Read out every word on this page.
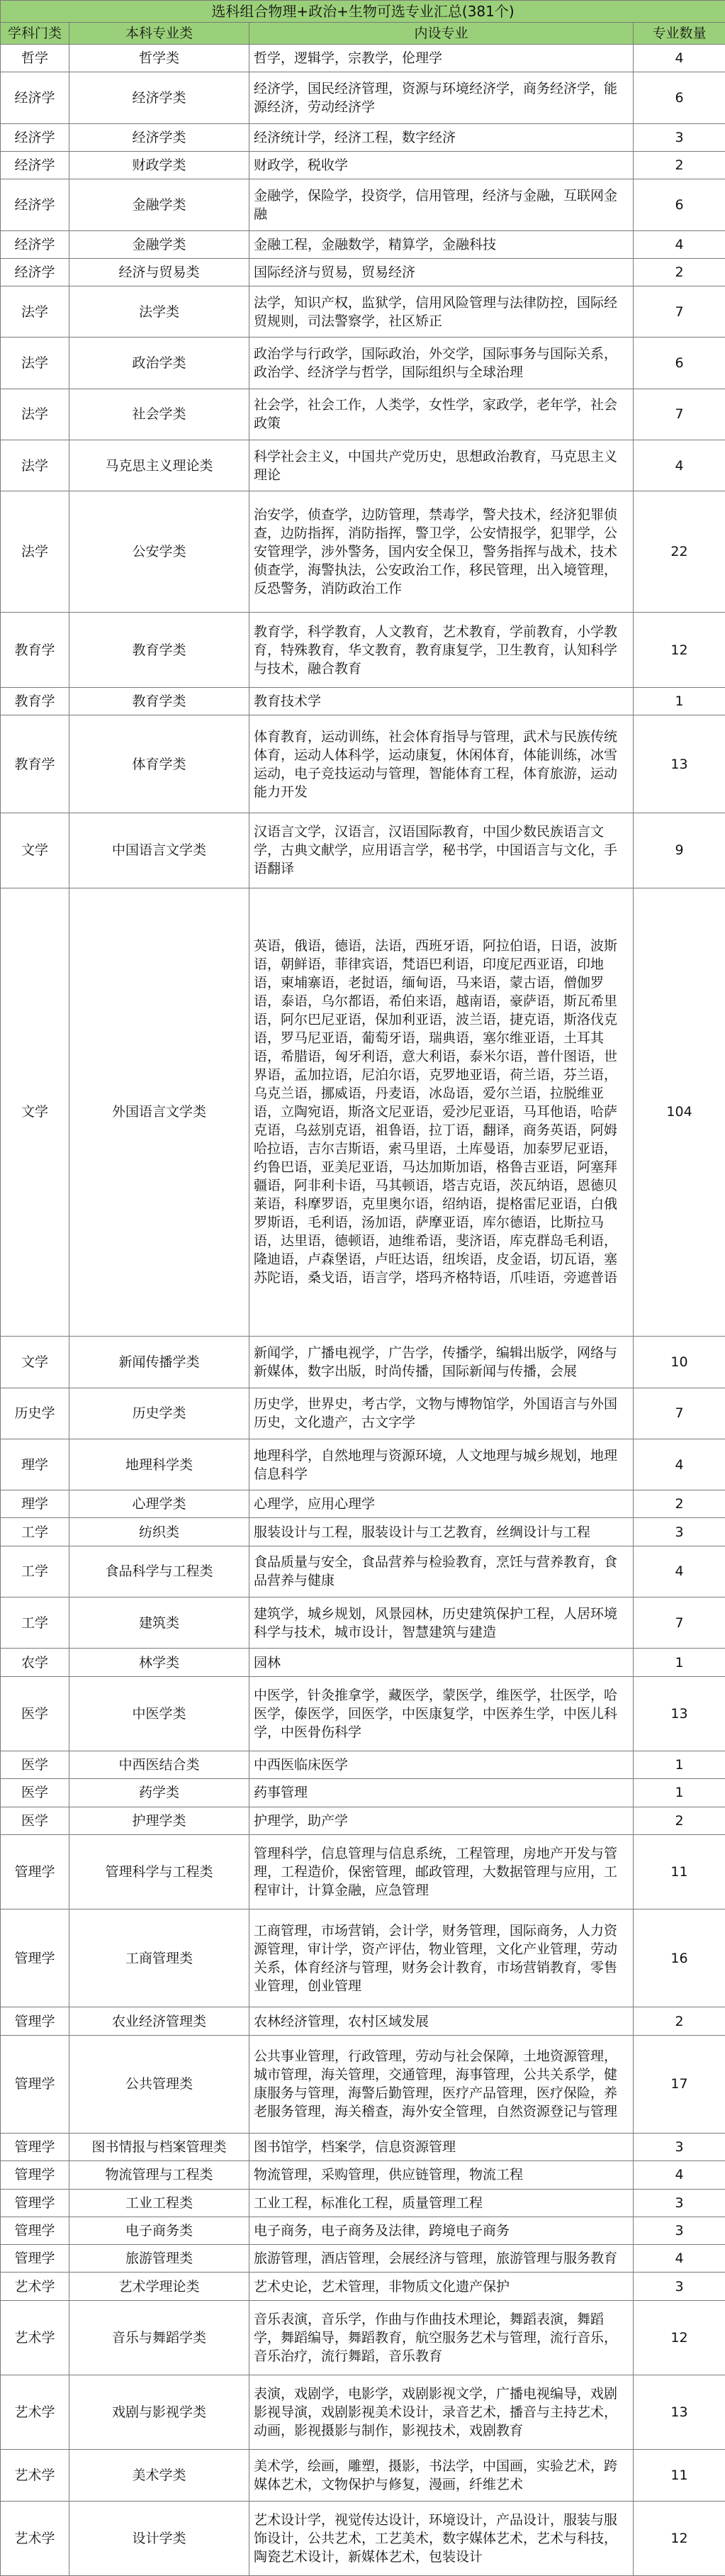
选科组合物理+政治+生物可选专业汇总(381个)			
学科门类	本科专业类	内设专业	专业数量
哲学	哲学类	哲学，逻辑学，宗教学，伦理学	4
经济学	经济学类	经济学，国民经济管理，资源与环境经济学，商务经济学，能源经济，劳动经济学	6
经济学	经济学类	经济统计学，经济工程，数字经济	3
经济学	财政学类	财政学，税收学	2
经济学	金融学类	金融学，保险学，投资学，信用管理，经济与金融，互联网金融	6
经济学	金融学类	金融工程，金融数学，精算学，金融科技	4
经济学	经济与贸易类	国际经济与贸易，贸易经济	2
法学	法学类	法学，知识产权，监狱学，信用风险管理与法律防控，国际经贸规则，司法警察学，社区矫正	7
法学	政治学类	政治学与行政学，国际政治，外交学，国际事务与国际关系，政治学、经济学与哲学，国际组织与全球治理	6
法学	社会学类	社会学，社会工作，人类学，女性学，家政学，老年学，社会政策	7
法学	马克思主义理论类	科学社会主义，中国共产党历史，思想政治教育，马克思主义理论	4
法学	公安学类	治安学，侦查学，边防管理，禁毒学，警犬技术，经济犯罪侦查，边防指挥，消防指挥，警卫学，公安情报学，犯罪学，公安管理学，涉外警务，国内安全保卫，警务指挥与战术，技术侦查学，海警执法，公安政治工作，移民管理，出入境管理，反恐警务，消防政治工作	22
教育学	教育学类	教育学，科学教育，人文教育，艺术教育，学前教育，小学教育，特殊教育，华文教育，教育康复学，卫生教育，认知科学与技术，融合教育	12
教育学	教育学类	教育技术学	1
教育学	体育学类	体育教育，运动训练，社会体育指导与管理，武术与民族传统体育，运动人体科学，运动康复，休闲体育，体能训练，冰雪运动，电子竞技运动与管理，智能体育工程，体育旅游，运动能力开发	13
文学	中国语言文学类	汉语言文学，汉语言，汉语国际教育，中国少数民族语言文学，古典文献学，应用语言学，秘书学，中国语言与文化，手语翻译	9
文学	外国语言文学类	英语，俄语，德语，法语，西班牙语，阿拉伯语，日语，波斯语，朝鲜语，菲律宾语，梵语巴利语，印度尼西亚语，印地语，柬埔寨语，老挝语，缅甸语，马来语，蒙古语，僧伽罗语，泰语，乌尔都语，希伯来语，越南语，豪萨语，斯瓦希里语，阿尔巴尼亚语，保加利亚语，波兰语，捷克语，斯洛伐克语，罗马尼亚语，葡萄牙语，瑞典语，塞尔维亚语，土耳其语，希腊语，匈牙利语，意大利语，泰米尔语，普什图语，世界语，孟加拉语，尼泊尔语，克罗地亚语，荷兰语，芬兰语，乌克兰语，挪威语，丹麦语，冰岛语，爱尔兰语，拉脱维亚语，立陶宛语，斯洛文尼亚语，爱沙尼亚语，马耳他语，哈萨克语，乌兹别克语，祖鲁语，拉丁语，翻译，商务英语，阿姆哈拉语，吉尔吉斯语，索马里语，土库曼语，加泰罗尼亚语，约鲁巴语，亚美尼亚语，马达加斯加语，格鲁吉亚语，阿塞拜疆语，阿非利卡语，马其顿语，塔吉克语，茨瓦纳语，恩德贝莱语，科摩罗语，克里奥尔语，绍纳语，提格雷尼亚语，白俄罗斯语，毛利语，汤加语，萨摩亚语，库尔德语，比斯拉马语，达里语，德顿语，迪维希语，斐济语，库克群岛毛利语，隆迪语，卢森堡语，卢旺达语，纽埃语，皮金语，切瓦语，塞苏陀语，桑戈语，语言学，塔玛齐格特语，爪哇语，旁遮普语	104
文学	新闻传播学类	新闻学，广播电视学，广告学，传播学，编辑出版学，网络与新媒体，数字出版，时尚传播，国际新闻与传播，会展	10
历史学	历史学类	历史学，世界史，考古学，文物与博物馆学，外国语言与外国历史，文化遗产，古文字学	7
理学	地理科学类	地理科学，自然地理与资源环境，人文地理与城乡规划，地理信息科学	4
理学	心理学类	心理学，应用心理学	2
工学	纺织类	服装设计与工程，服装设计与工艺教育，丝绸设计与工程	3
工学	食品科学与工程类	食品质量与安全，食品营养与检验教育，烹饪与营养教育，食品营养与健康	4
工学	建筑类	建筑学，城乡规划，风景园林，历史建筑保护工程，人居环境科学与技术，城市设计，智慧建筑与建造	7
农学	林学类	园林	1
医学	中医学类	中医学，针灸推拿学，藏医学，蒙医学，维医学，壮医学，哈医学，傣医学，回医学，中医康复学，中医养生学，中医儿科学，中医骨伤科学	13
医学	中西医结合类	中西医临床医学	1
医学	药学类	药事管理	1
医学	护理学类	护理学，助产学	2
管理学	管理科学与工程类	管理科学，信息管理与信息系统，工程管理，房地产开发与管理，工程造价，保密管理，邮政管理，大数据管理与应用，工程审计，计算金融，应急管理	11
管理学	工商管理类	工商管理，市场营销，会计学，财务管理，国际商务，人力资源管理，审计学，资产评估，物业管理，文化产业管理，劳动关系，体育经济与管理，财务会计教育，市场营销教育，零售业管理，创业管理	16
管理学	农业经济管理类	农林经济管理，农村区域发展	2
管理学	公共管理类	公共事业管理，行政管理，劳动与社会保障，土地资源管理，城市管理，海关管理，交通管理，海事管理，公共关系学，健康服务与管理，海警后勤管理，医疗产品管理，医疗保险，养老服务管理，海关稽查，海外安全管理，自然资源登记与管理	17
管理学	图书情报与档案管理类	图书馆学，档案学，信息资源管理	3
管理学	物流管理与工程类	物流管理，采购管理，供应链管理，物流工程	4
管理学	工业工程类	工业工程，标准化工程，质量管理工程	3
管理学	电子商务类	电子商务，电子商务及法律，跨境电子商务	3
管理学	旅游管理类	旅游管理，酒店管理，会展经济与管理，旅游管理与服务教育	4
艺术学	艺术学理论类	艺术史论，艺术管理，非物质文化遗产保护	3
艺术学	音乐与舞蹈学类	音乐表演，音乐学，作曲与作曲技术理论，舞蹈表演，舞蹈学，舞蹈编导，舞蹈教育，航空服务艺术与管理，流行音乐，音乐治疗，流行舞蹈，音乐教育	12
艺术学	戏剧与影视学类	表演，戏剧学，电影学，戏剧影视文学，广播电视编导，戏剧影视导演，戏剧影视美术设计，录音艺术，播音与主持艺术，动画，影视摄影与制作，影视技术，戏剧教育	13
艺术学	美术学类	美术学，绘画，雕塑，摄影，书法学，中国画，实验艺术，跨媒体艺术，文物保护与修复，漫画，纤维艺术	11
艺术学	设计学类	艺术设计学，视觉传达设计，环境设计，产品设计，服装与服饰设计，公共艺术，工艺美术，数字媒体艺术，艺术与科技，陶瓷艺术设计，新媒体艺术，包装设计	12
